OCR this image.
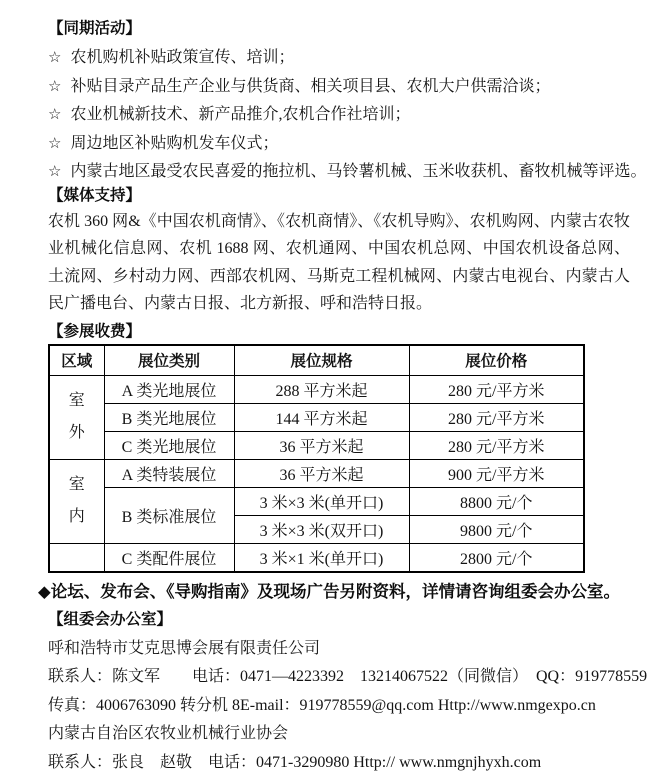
【同期活动】

☆ 农机购机补贴政策宣传、培训；
☆ 补贴目录产品生产企业与供货商、相关项目县、农机大户供需洽谈；
☆ 农业机械新技术、新产品推介,农机合作社培训；
☆ 周边地区补贴购机发车仪式；
☆ 内蒙古地区最受农民喜爱的拖拉机、马铃薯机械、玉米收获机、畜牧机械等评选。

【媒体支持】

农机 360 网&《中国农机商情》、《农机商情》、《农机导购》、农机购网、内蒙古农牧业机械化信息网、农机 1688 网、农机通网、中国农机总网、中国农机设备总网、土流网、乡村动力网、西部农机网、马斯克工程机械网、内蒙古电视台、内蒙古人民广播电台、内蒙古日报、北方新报、呼和浩特日报。

【参展收费】

区域	展位类别	展位规格	展位价格
室外	A 类光地展位	288 平方米起	280 元/平方米
	B 类光地展位	144 平方米起	280 元/平方米
	C 类光地展位	36 平方米起	280 元/平方米
室内	A 类特装展位	36 平方米起	900 元/平方米
	B 类标准展位	3 米×3 米(单开口)	8800 元/个
		3 米×3 米(双开口)	9800 元/个
	C 类配件展位	3 米×1 米(单开口)	2800 元/个

◆论坛、发布会、《导购指南》及现场广告另附资料，详情请咨询组委会办公室。

【组委会办公室】

呼和浩特市艾克思博会展有限责任公司

联系人：陈文军　　电话：0471—4223392　13214067522（同微信）　QQ：919778559

传真：4006763090 转分机 8E-mail：919778559@qq.com Http://www.nmgexpo.cn

内蒙古自治区农牧业机械行业协会

联系人：张良　赵敬　电话：0471-3290980 Http:// www.nmgnjhyxh.com
